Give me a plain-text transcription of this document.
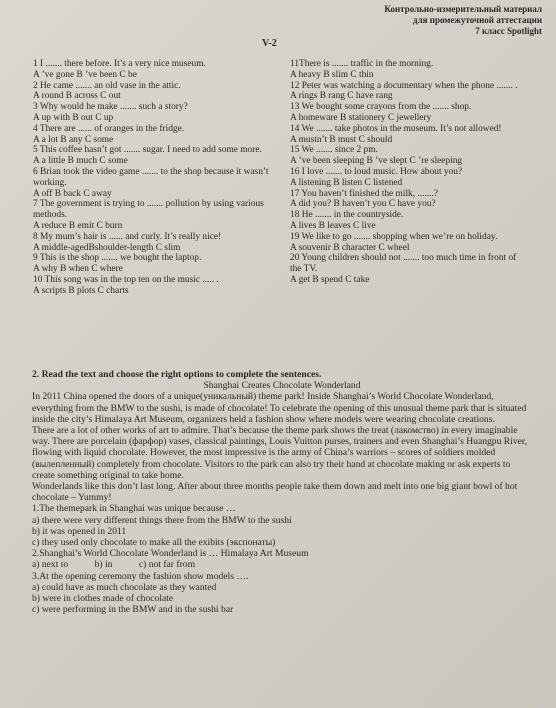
Контрольно-измерительный материал
для промежуточной аттестации
7 класс Spotlight
V-2

1 I ....... there before. It’s a very nice museum.

A ’ve gone B ’ve been C be

2 He came ....... an old vase in the attic.

A round B across C out

3 Why would he make ....... such a story?

A up with B out C up

4 There are ...... of oranges in the fridge.

A a lot B any C some

5 This coffee hasn’t got ....... sugar. I need to add some more.

A a little B much C some

6 Brian took the video game ....... to the shop because it wasn’t working.

A off B back C away

7 The government is trying to ....... pollution by using various methods.

A reduce B emit C burn

8 My mum’s hair is ...... and curly. It’s really nice!

A middle-agedBshoulder-length C slim

9 This is the shop ....... we bought the laptop.

A why B when C where

10 This song was in the top ten on the music ..... .

A scripts B plots C charts

11There is ....... traffic in the morning.

A heavy B slim C thin

12 Peter was watching a documentary when the phone ....... .

A rings B rang C have rang

13 We bought some crayons from the ....... shop.

A homeware B stationery C jewellery

14 We ....... take photos in the museum. It’s not allowed!

A mustn’t B must C should

15 We ....... since 2 pm.

A ’ve been sleeping B ’ve slept C ’re sleeping

16 I love ....... to loud music. How about you?

A listening B listen C listened

17 You haven’t finished the milk, .......?

A did you? B haven’t you C have you?

18 He ....... in the countryside.

A lives B leaves C live

19 We like to go ....... shopping when we’re on holiday.

A souvenir B character C wheel

20 Young children should not ....... too much time in front of the TV.

A get B spend C take

2. Read the text and choose the right options to complete the sentences.
Shanghai Creates Chocolate Wonderland

In 2011 China opened the doors of a unique(уникальный) theme park! Inside Shanghai’s World Chocolate Wonderland, everything from the BMW to the sushi, is made of chocolate! To celebrate the opening of this unusual theme park that is situated inside the city’s Himalaya Art Museum, organizers held a fashion show where models were wearing chocolate creations.

There are a lot of other works of art to admire. That’s because the theme park shows the treat (лакомство) in every imaginable way. There are porcelain (фарфор) vases, classical paintings, Louis Vuitton purses, trainers and even Shanghai’s Huangpu River, flowing with liquid chocolate. However, the most impressive is the army of China’s warriors – scores of soldiers molded (вылепленный) completely from chocolate. Visitors to the park can also try their hand at chocolate making or ask experts to create something original to take home.

Wonderlands like this don’t last long. After about three months people take them down and melt into one big giant bowl of hot chocolate – Yummy!

1.The themepark in Shanghai was unique because …

a) there were very different things there from the BMW to the sushi

b) it was opened in 2011

c) they used only chocolate to make all the exibits (экспонаты)

2.Shanghai’s World Chocolate Wonderland is … Himalaya Art Museum

a) next to           b) in           c) not far from

3.At the opening ceremony the fashion show models ….

a) could have as much chocolate as they wanted

b) were in clothes made of chocolate

c) were performing in the BMW and in the sushi bar
